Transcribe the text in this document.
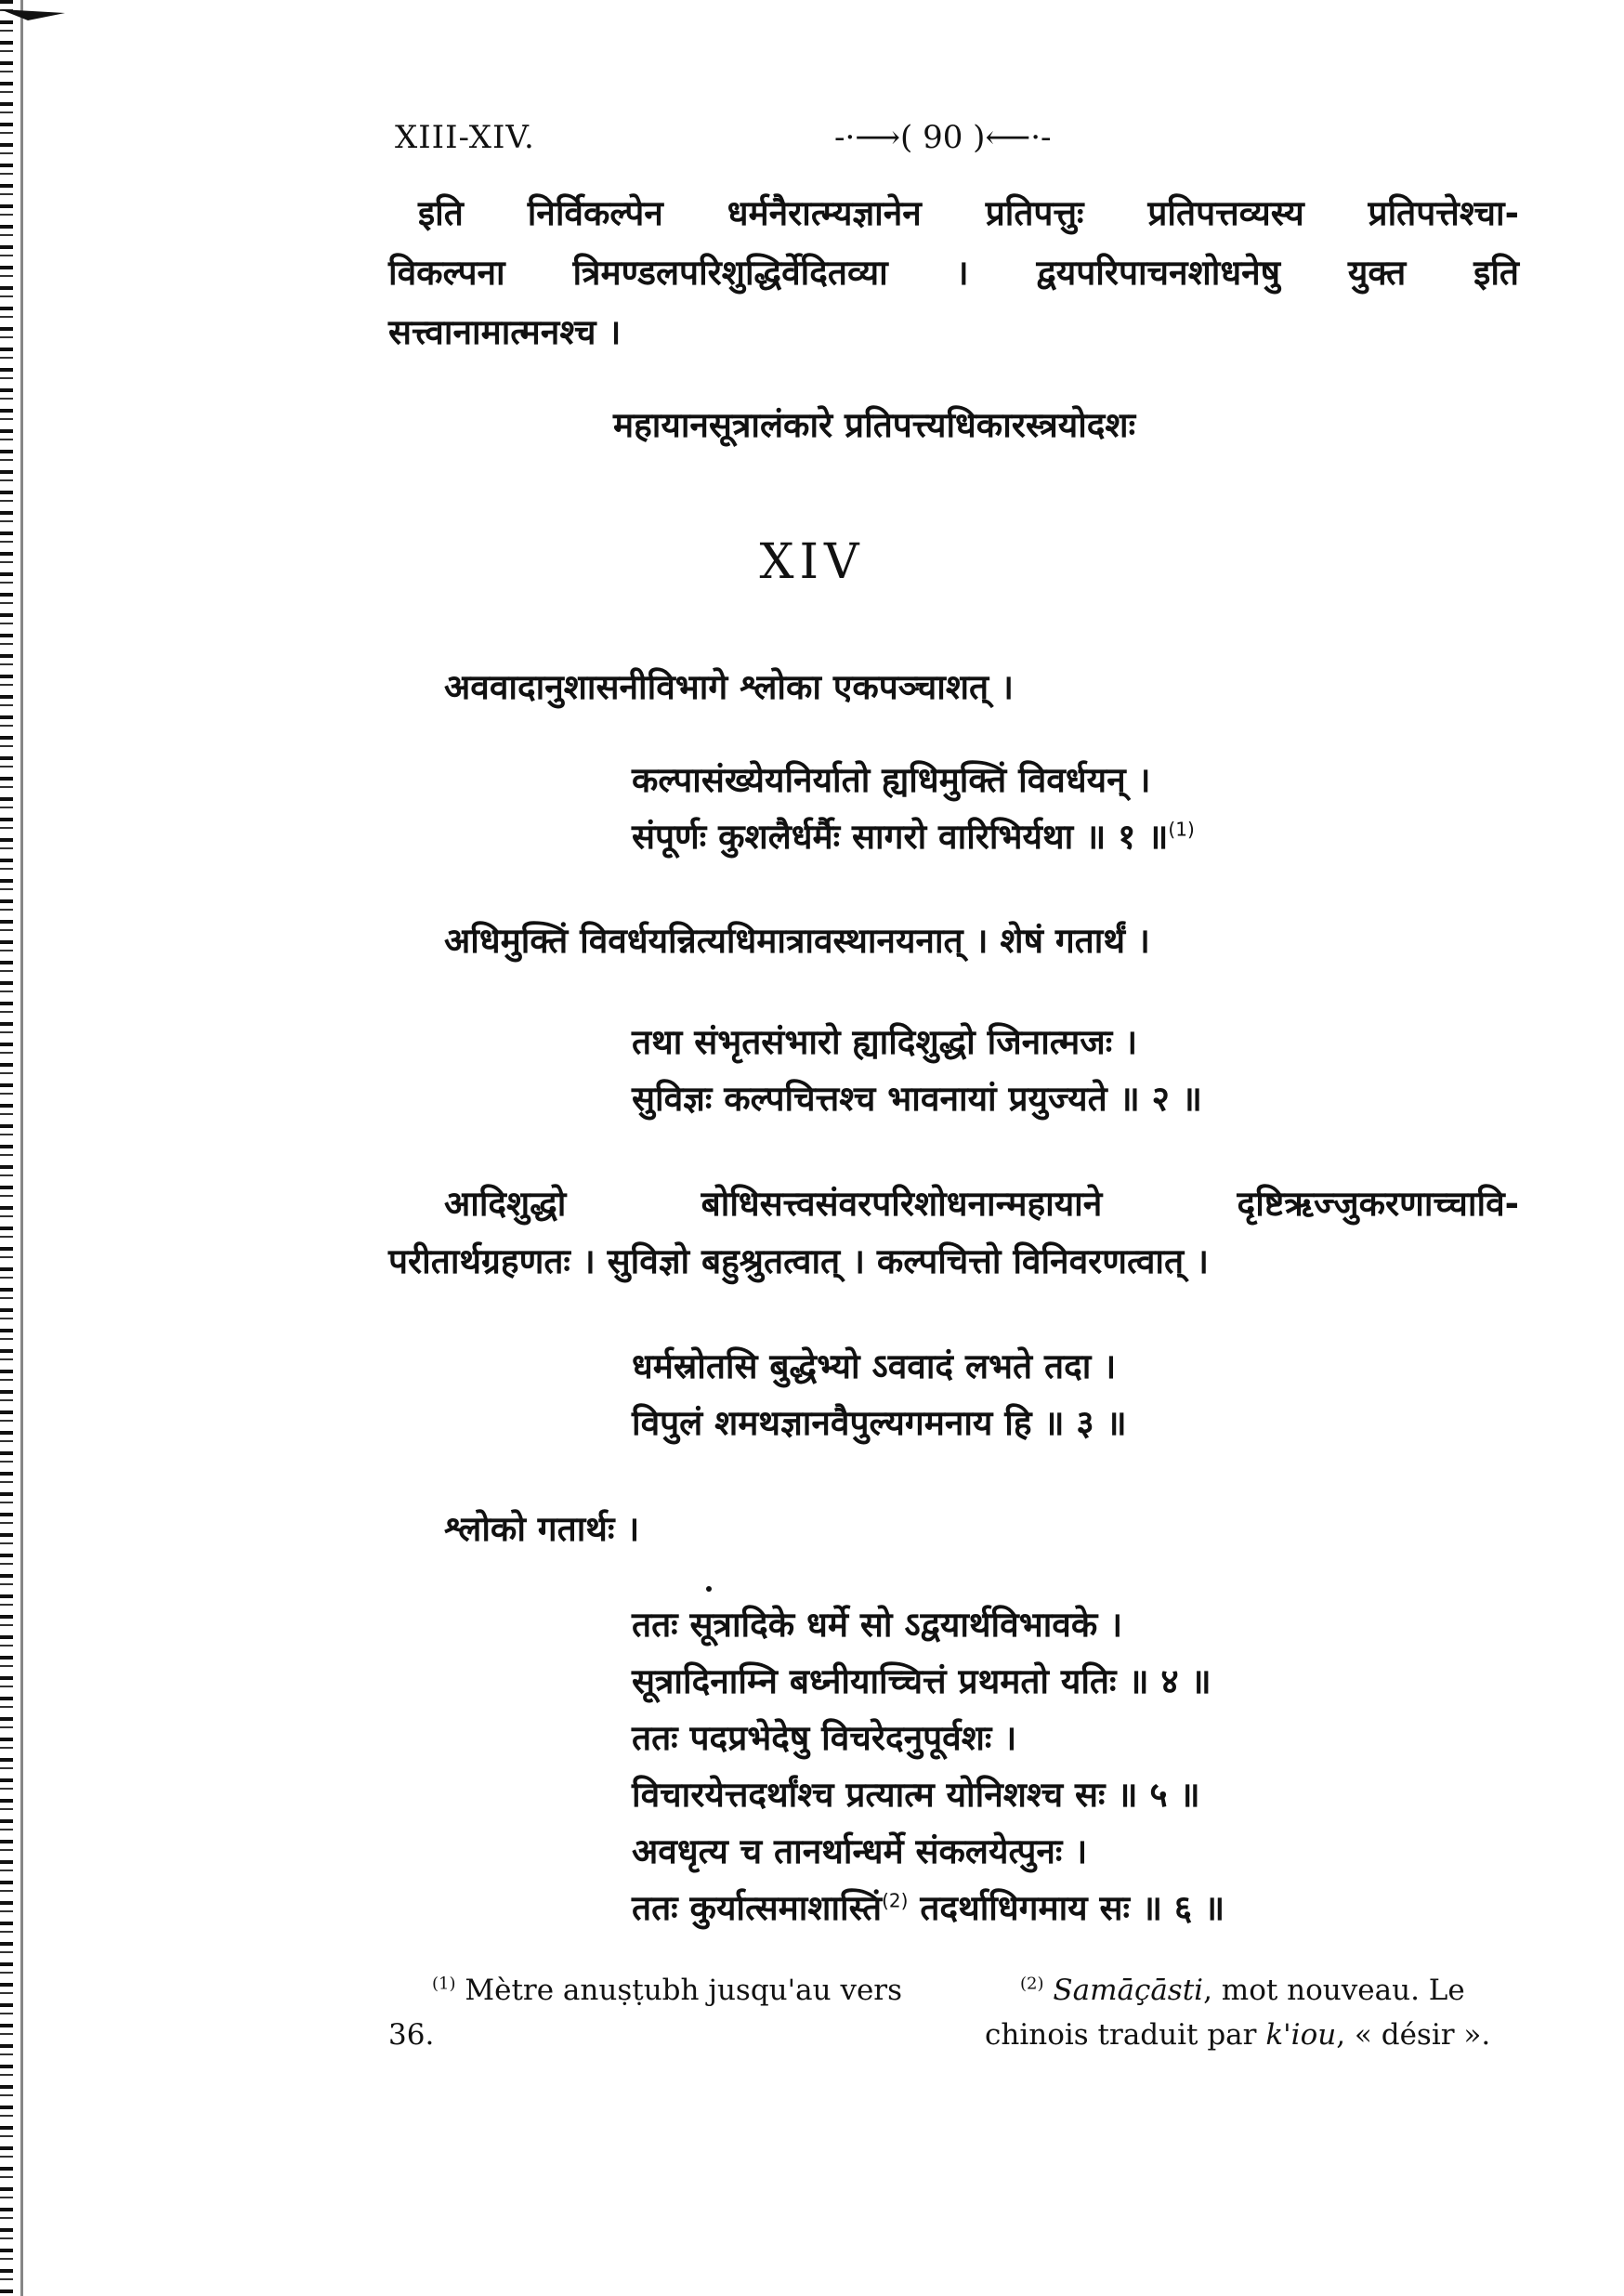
XIII-XIV.	-·⟶( 90 )⟵·-
इति निर्विकल्पेन धर्मनैरात्म्यज्ञानेन प्रतिपत्तुः प्रतिपत्तव्यस्य प्रतिपत्तेश्चा-
विकल्पना त्रिमण्डलपरिशुद्धिर्वेदितव्या । द्वयपरिपाचनशोधनेषु युक्त इति
सत्त्वानामात्मनश्च ।
महायानसूत्रालंकारे प्रतिपत्त्यधिकारस्त्रयोदशः
XIV
अववादानुशासनीविभागे श्लोका एकपञ्चाशत् ।
कल्पासंख्येयनिर्यातो ह्यधिमुक्तिं विवर्धयन् ।
संपूर्णः कुशलैर्धर्मैः सागरो वारिभिर्यथा ॥ १ ॥$^{(1)}$
अधिमुक्तिं विवर्धयन्नित्यधिमात्रावस्थानयनात् । शेषं गतार्थं ।
तथा संभृतसंभारो ह्यादिशुद्धो जिनात्मजः ।
सुविज्ञः कल्पचित्तश्च भावनायां प्रयुज्यते ॥ २ ॥
आदिशुद्धो बोधिसत्त्वसंवरपरिशोधनान्महायाने दृष्टिऋज्जुकरणाच्चावि-
परीतार्थग्रहणतः । सुविज्ञो बहुश्रुतत्वात् । कल्पचित्तो विनिवरणत्वात् ।
धर्मस्रोतसि बुद्धेभ्यो ऽववादं लभते तदा ।
विपुलं शमथज्ञानवैपुल्यगमनाय हि ॥ ३ ॥
श्लोको गतार्थः ।
ततः सूत्रादिके धर्मे सो ऽद्वयार्थविभावके ।
सूत्रादिनाम्नि बध्नीयाच्चित्तं प्रथमतो यतिः ॥ ४ ॥
ततः पदप्रभेदेषु विचरेदनुपूर्वशः ।
विचारयेत्तदर्थांश्च प्रत्यात्म योनिशश्च सः ॥ ५ ॥
अवधृत्य च तानर्थान्धर्मे संकलयेत्पुनः ।
ततः कुर्यात्समाशास्तिं$^{(2)}$ तदर्थाधिगमाय सः ॥ ६ ॥
$^{(1)}$ Mètre anuṣṭubh jusqu'au vers
36.
$^{(2)}$ Samāçāsti, mot nouveau. Le
chinois traduit par k'iou, « désir ».
